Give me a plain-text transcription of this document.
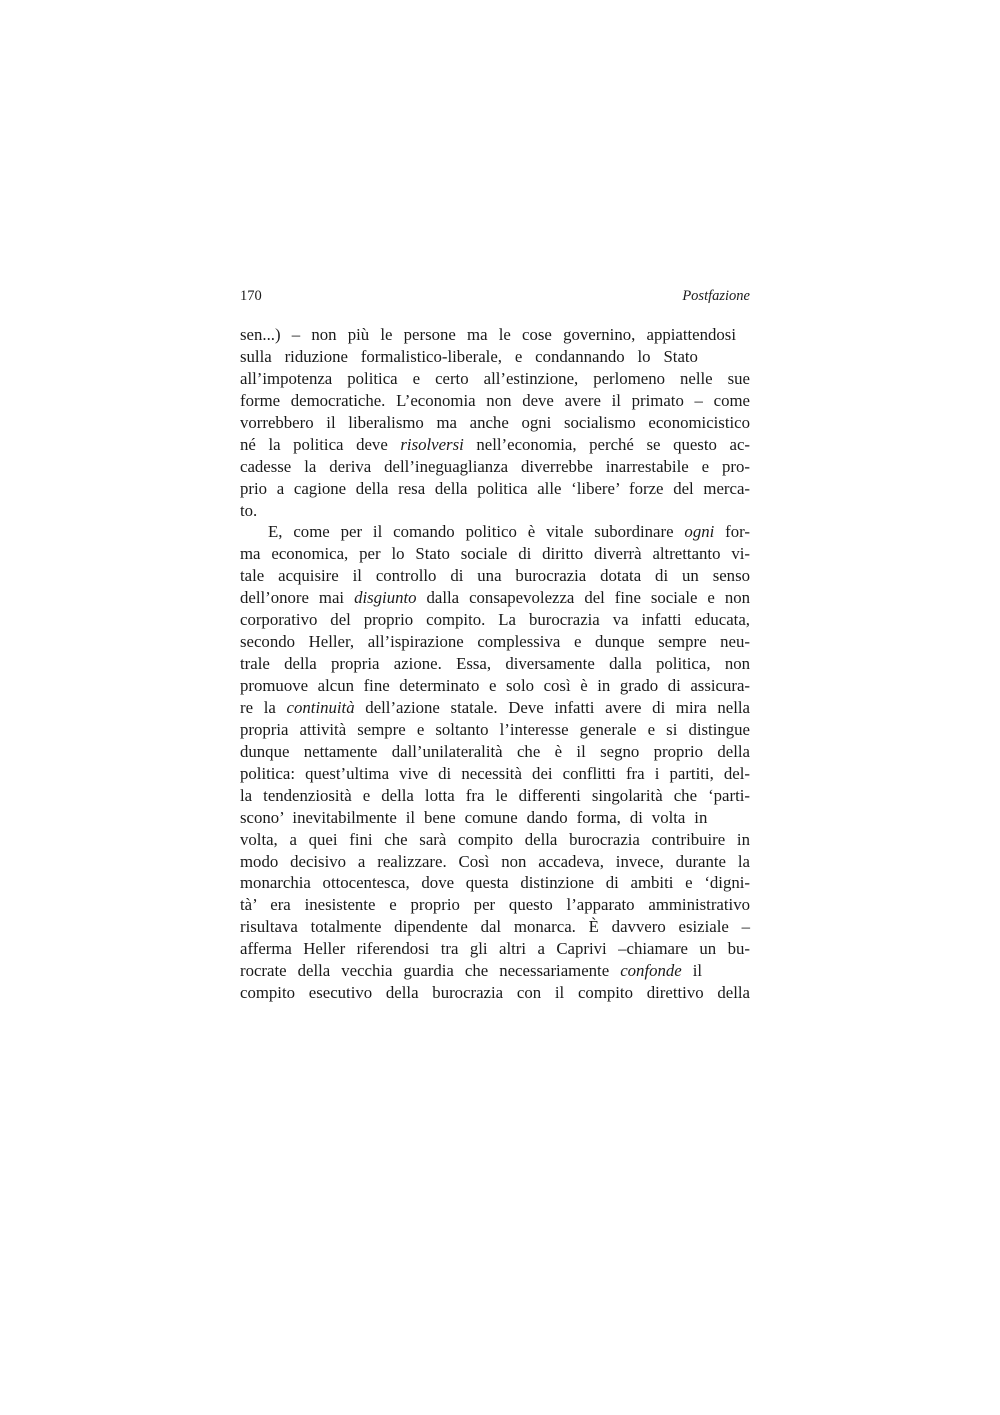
170	Postfazione
sen...) – non più le persone ma le cose governino, appiattendosi
sulla riduzione formalistico-liberale, e condannando lo Stato
all’impotenza politica e certo all’estinzione, perlomeno nelle sue
forme democratiche. L’economia non deve avere il primato – come
vorrebbero il liberalismo ma anche ogni socialismo economicistico
né la politica deve risolversi nell’economia, perché se questo ac-
cadesse la deriva dell’ineguaglianza diverrebbe inarrestabile e pro-
prio a cagione della resa della politica alle ‘libere’ forze del merca-
to.
E, come per il comando politico è vitale subordinare ogni for-
ma economica, per lo Stato sociale di diritto diverrà altrettanto vi-
tale acquisire il controllo di una burocrazia dotata di un senso
dell’onore mai disgiunto dalla consapevolezza del fine sociale e non
corporativo del proprio compito. La burocrazia va infatti educata,
secondo Heller, all’ispirazione complessiva e dunque sempre neu-
trale della propria azione. Essa, diversamente dalla politica, non
promuove alcun fine determinato e solo così è in grado di assicura-
re la continuità dell’azione statale. Deve infatti avere di mira nella
propria attività sempre e soltanto l’interesse generale e si distingue
dunque nettamente dall’unilateralità che è il segno proprio della
politica: quest’ultima vive di necessità dei conflitti fra i partiti, del-
la tendenziosità e della lotta fra le differenti singolarità che ‘parti-
scono’ inevitabilmente il bene comune dando forma, di volta in
volta, a quei fini che sarà compito della burocrazia contribuire in
modo decisivo a realizzare. Così non accadeva, invece, durante la
monarchia ottocentesca, dove questa distinzione di ambiti e ‘digni-
tà’ era inesistente e proprio per questo l’apparato amministrativo
risultava totalmente dipendente dal monarca. È davvero esiziale –
afferma Heller riferendosi tra gli altri a Caprivi –chiamare un bu-
rocrate della vecchia guardia che necessariamente confonde il
compito esecutivo della burocrazia con il compito direttivo della
